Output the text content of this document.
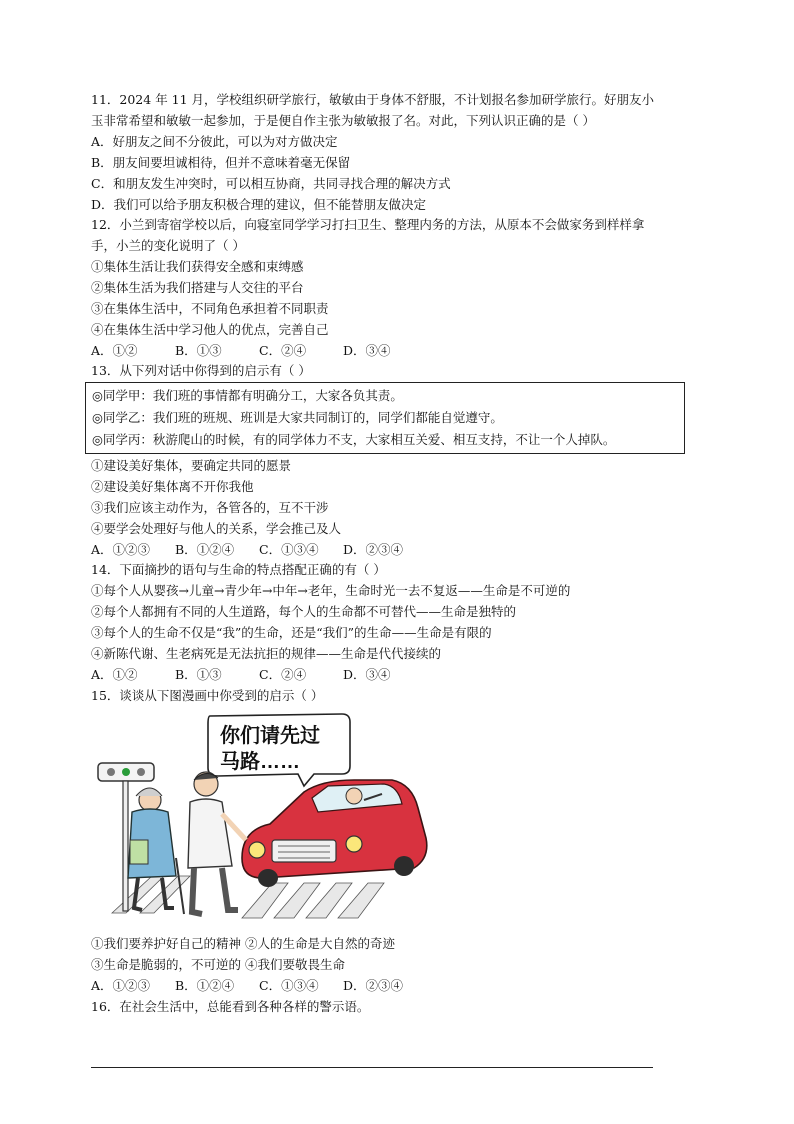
11．2024 年 11 月，学校组织研学旅行，敏敏由于身体不舒服，不计划报名参加研学旅行。好朋友小
玉非常希望和敏敏一起参加，于是便自作主张为敏敏报了名。对此，下列认识正确的是（ ）
A．好朋友之间不分彼此，可以为对方做决定
B．朋友间要坦诚相待，但并不意味着毫无保留
C．和朋友发生冲突时，可以相互协商，共同寻找合理的解决方式
D．我们可以给予朋友积极合理的建议，但不能替朋友做决定
12．小兰到寄宿学校以后，向寝室同学学习打扫卫生、整理内务的方法，从原本不会做家务到样样拿
手，小兰的变化说明了（ ）
①集体生活让我们获得安全感和束缚感
②集体生活为我们搭建与人交往的平台
③在集体生活中，不同角色承担着不同职责
④在集体生活中学习他人的优点，完善自己
A．①②	B．①③	C．②④	D．③④
13．从下列对话中你得到的启示有（ ）
◎同学甲：我们班的事情都有明确分工，大家各负其责。
◎同学乙：我们班的班规、班训是大家共同制订的，同学们都能自觉遵守。
◎同学丙：秋游爬山的时候，有的同学体力不支，大家相互关爱、相互支持，不让一个人掉队。
①建设美好集体，要确定共同的愿景
②建设美好集体离不开你我他
③我们应该主动作为，各管各的，互不干涉
④要学会处理好与他人的关系，学会推己及人
A．①②③ B．①②④ C．①③④ D．②③④
14．下面摘抄的语句与生命的特点搭配正确的有（ ）
①每个人从婴孩→儿童→青少年→中年→老年，生命时光一去不复返——生命是不可逆的
②每个人都拥有不同的人生道路，每个人的生命都不可替代——生命是独特的
③每个人的生命不仅是“我”的生命，还是“我们”的生命——生命是有限的
④新陈代谢、生老病死是无法抗拒的规律——生命是代代接续的
A．①②	B．①③	C．②④	D．③④
15．谈谈从下图漫画中你受到的启示（ ）
你们请先过
马路……
①我们要养护好自己的精神 ②人的生命是大自然的奇迹
③生命是脆弱的，不可逆的 ④我们要敬畏生命
A．①②③ B．①②④ C．①③④ D．②③④
16．在社会生活中，总能看到各种各样的警示语。
